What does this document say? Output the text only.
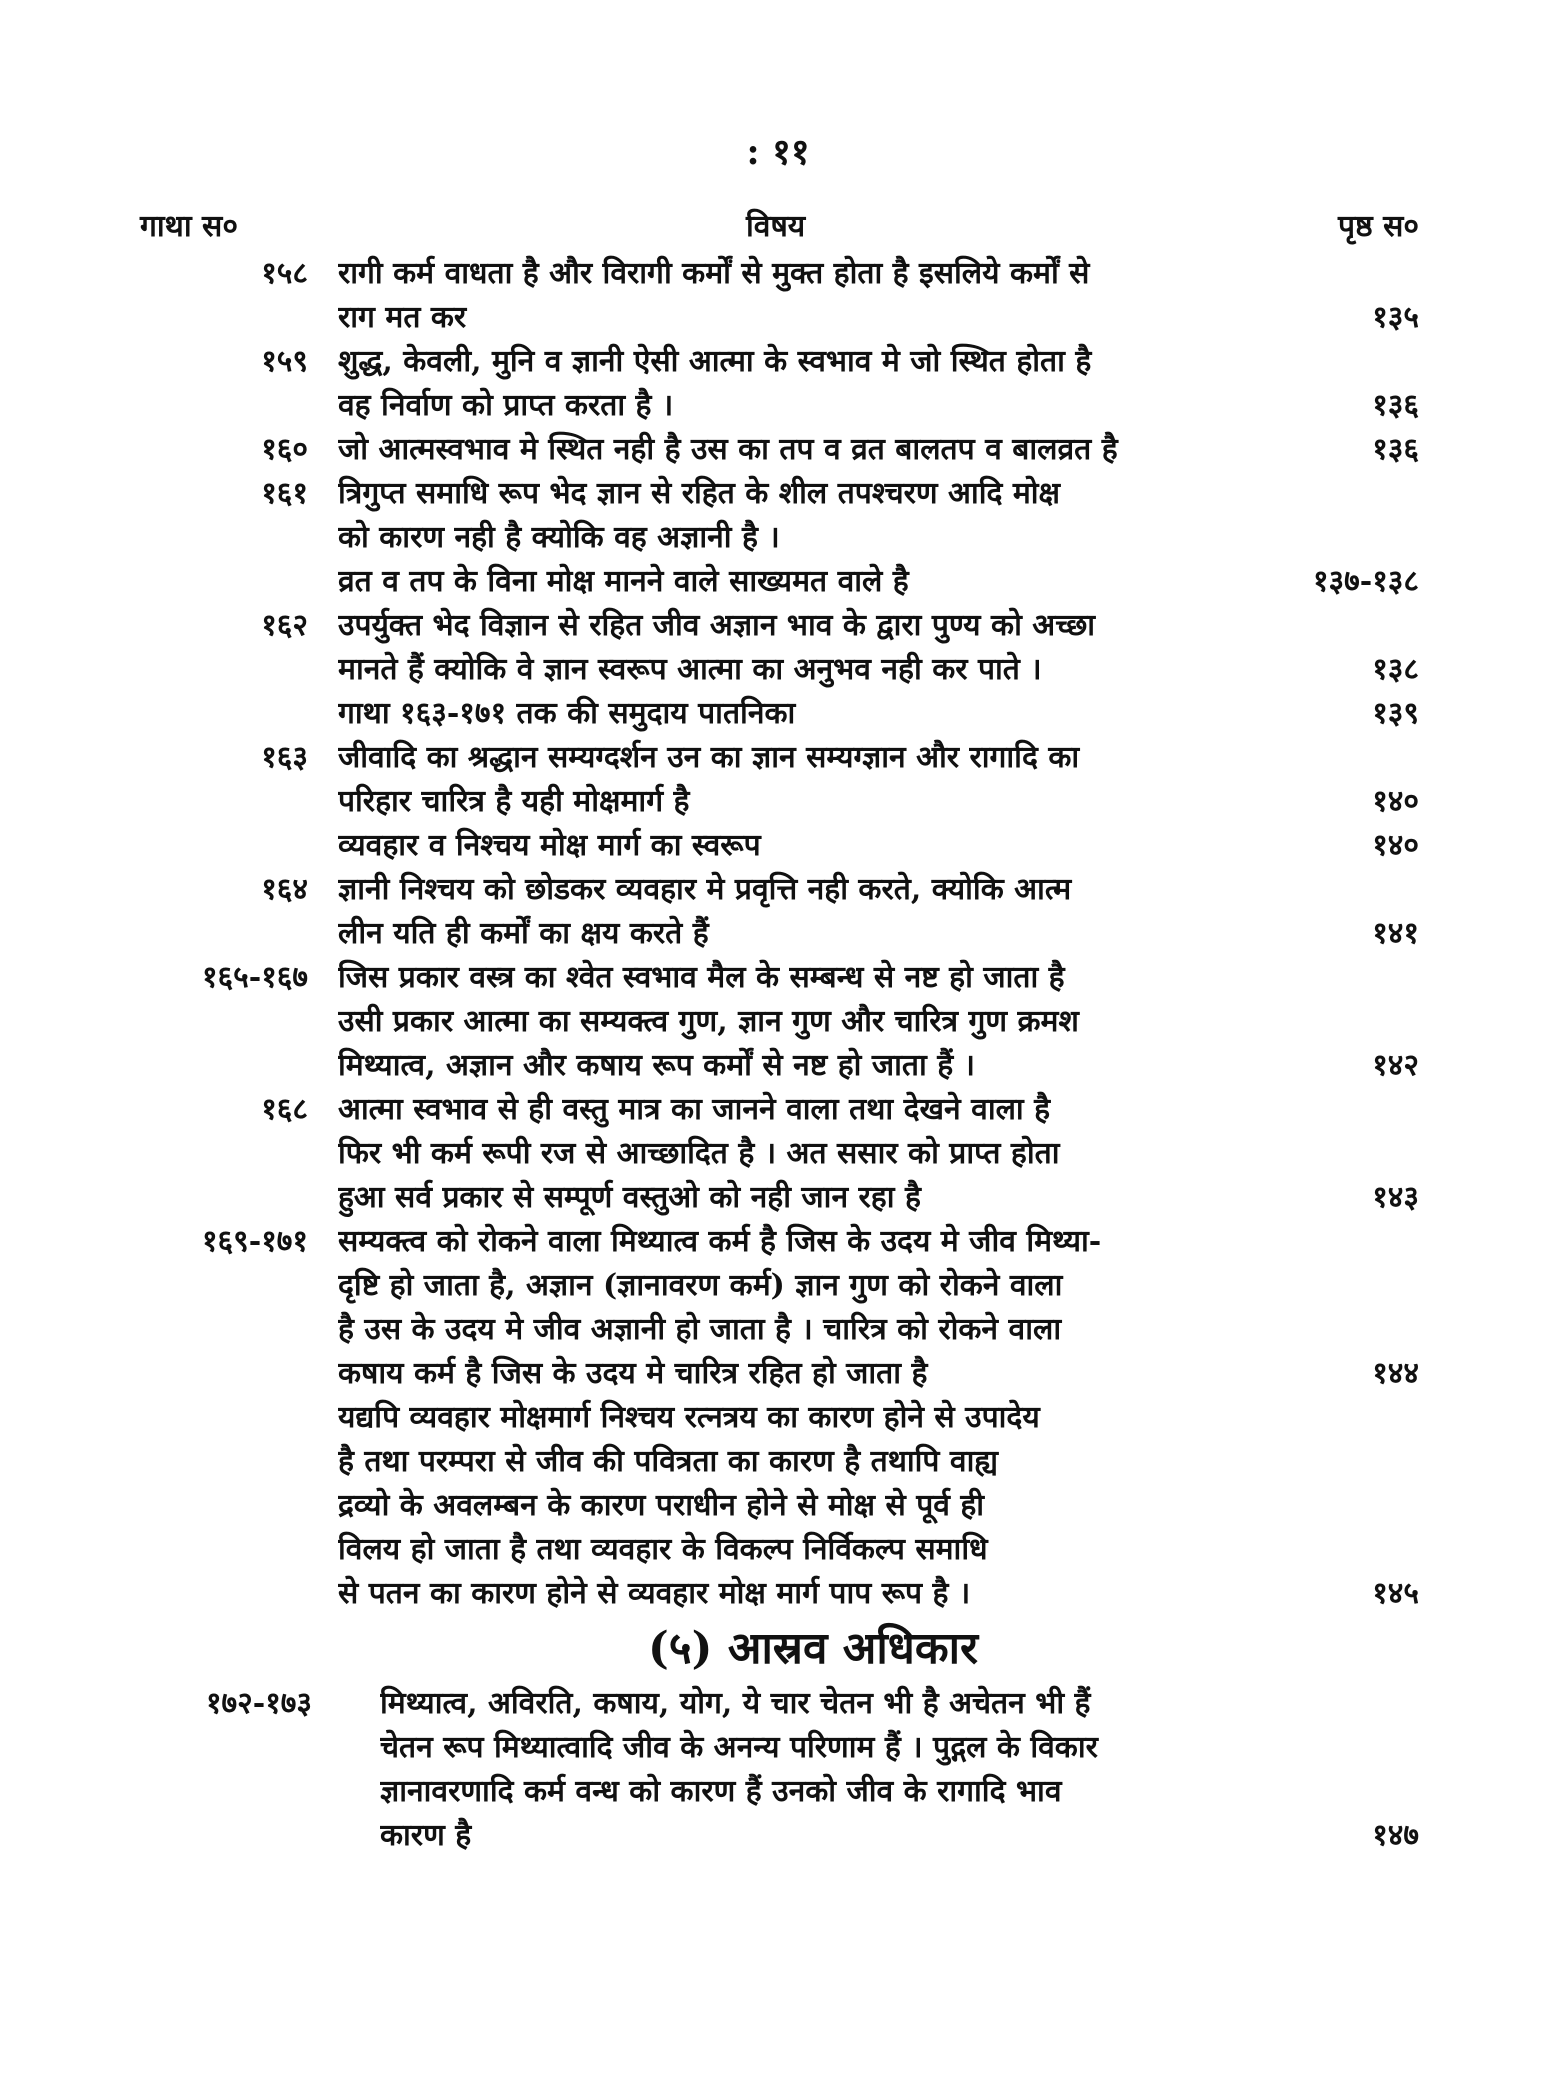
: ११
गाथा स०	विषय	पृष्ठ स०
१५८ रागी कर्म वाधता है और विरागी कर्मों से मुक्त होता है इसलिये कर्मों से
राग मत कर	१३५
१५९ शुद्ध, केवली, मुनि व ज्ञानी ऐसी आत्मा के स्वभाव मे जो स्थित होता है
वह निर्वाण को प्राप्त करता है ।	१३६
१६० जो आत्मस्वभाव मे स्थित नही है उस का तप व व्रत बालतप व बालव्रत है	१३६
१६१ त्रिगुप्त समाधि रूप भेद ज्ञान से रहित के शील तपश्चरण आदि मोक्ष
को कारण नही है क्योकि वह अज्ञानी है ।
व्रत व तप के विना मोक्ष मानने वाले साख्यमत वाले है	१३७-१३८
१६२ उपर्युक्त भेद विज्ञान से रहित जीव अज्ञान भाव के द्वारा पुण्य को अच्छा
मानते हैं क्योकि वे ज्ञान स्वरूप आत्मा का अनुभव नही कर पाते ।	१३८
गाथा १६३-१७१ तक की समुदाय पातनिका	१३९
१६३ जीवादि का श्रद्धान सम्यग्दर्शन उन का ज्ञान सम्यग्ज्ञान और रागादि का
परिहार चारित्र है यही मोक्षमार्ग है	१४०
व्यवहार व निश्चय मोक्ष मार्ग का स्वरूप	१४०
१६४ ज्ञानी निश्चय को छोडकर व्यवहार मे प्रवृत्ति नही करते, क्योकि आत्म
लीन यति ही कर्मों का क्षय करते हैं	१४१
१६५-१६७ जिस प्रकार वस्त्र का श्वेत स्वभाव मैल के सम्बन्ध से नष्ट हो जाता है
उसी प्रकार आत्मा का सम्यक्त्व गुण, ज्ञान गुण और चारित्र गुण क्रमश
मिथ्यात्व, अज्ञान और कषाय रूप कर्मों से नष्ट हो जाता हैं ।	१४२
१६८ आत्मा स्वभाव से ही वस्तु मात्र का जानने वाला तथा देखने वाला है
फिर भी कर्म रूपी रज से आच्छादित है । अत ससार को प्राप्त होता
हुआ सर्व प्रकार से सम्पूर्ण वस्तुओ को नही जान रहा है	१४३
१६९-१७१ सम्यक्त्व को रोकने वाला मिथ्यात्व कर्म है जिस के उदय मे जीव मिथ्या-
दृष्टि हो जाता है, अज्ञान (ज्ञानावरण कर्म) ज्ञान गुण को रोकने वाला
है उस के उदय मे जीव अज्ञानी हो जाता है । चारित्र को रोकने वाला
कषाय कर्म है जिस के उदय मे चारित्र रहित हो जाता है	१४४
यद्यपि व्यवहार मोक्षमार्ग निश्चय रत्नत्रय का कारण होने से उपादेय
है तथा परम्परा से जीव की पवित्रता का कारण है तथापि वाह्य
द्रव्यो के अवलम्बन के कारण पराधीन होने से मोक्ष से पूर्व ही
विलय हो जाता है तथा व्यवहार के विकल्प निर्विकल्प समाधि
से पतन का कारण होने से व्यवहार मोक्ष मार्ग पाप रूप है ।	१४५
(५) आस्रव अधिकार
१७२-१७३ मिथ्यात्व, अविरति, कषाय, योग, ये चार चेतन भी है अचेतन भी हैं
चेतन रूप मिथ्यात्वादि जीव के अनन्य परिणाम हैं । पुद्गल के विकार
ज्ञानावरणादि कर्म वन्ध को कारण हैं उनको जीव के रागादि भाव
कारण है	१४७
